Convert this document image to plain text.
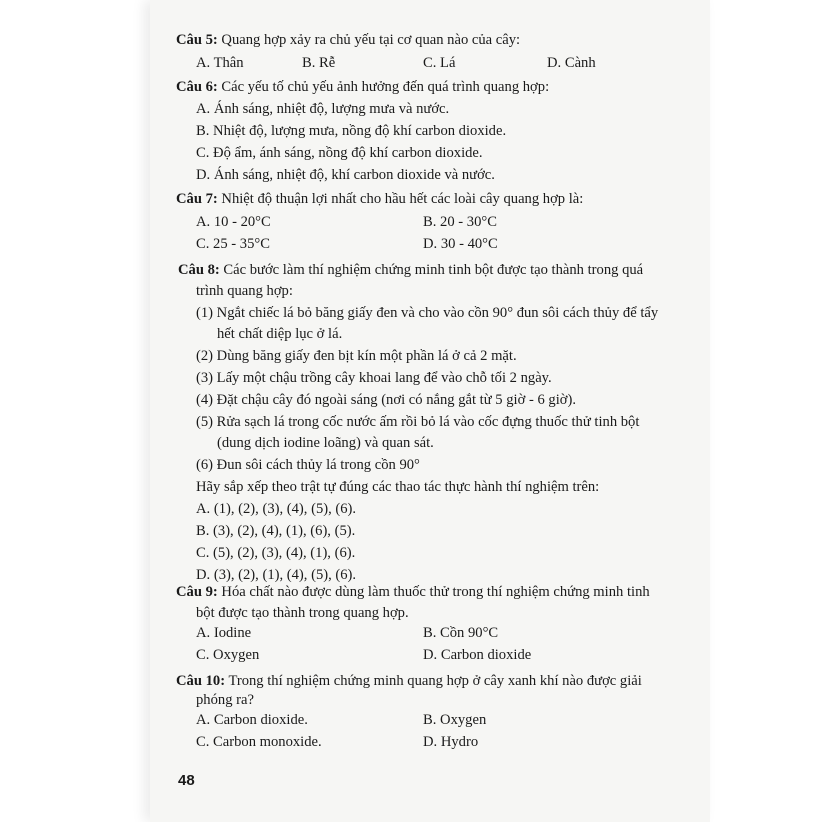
Câu 5: Quang hợp xảy ra chủ yếu tại cơ quan nào của cây:
A. Thân	B. Rễ	C. Lá	D. Cành
Câu 6: Các yếu tố chủ yếu ảnh hưởng đến quá trình quang hợp:
A. Ánh sáng, nhiệt độ, lượng mưa và nước.
B. Nhiệt độ, lượng mưa, nồng độ khí carbon dioxide.
C. Độ ẩm, ánh sáng, nồng độ khí carbon dioxide.
D. Ánh sáng, nhiệt độ, khí carbon dioxide và nước.
Câu 7: Nhiệt độ thuận lợi nhất cho hầu hết các loài cây quang hợp là:
A. 10 - 20°C	B. 20 - 30°C
C. 25 - 35°C	D. 30 - 40°C
Câu 8: Các bước làm thí nghiệm chứng minh tinh bột được tạo thành trong quá
trình quang hợp:
(1) Ngắt chiếc lá bỏ băng giấy đen và cho vào cồn 90° đun sôi cách thủy để tẩy
hết chất diệp lục ở lá.
(2) Dùng băng giấy đen bịt kín một phần lá ở cả 2 mặt.
(3) Lấy một chậu trồng cây khoai lang để vào chỗ tối 2 ngày.
(4) Đặt chậu cây đó ngoài sáng (nơi có nắng gắt từ 5 giờ - 6 giờ).
(5) Rửa sạch lá trong cốc nước ấm rồi bỏ lá vào cốc đựng thuốc thử tinh bột
(dung dịch iodine loãng) và quan sát.
(6) Đun sôi cách thủy lá trong cồn 90°
Hãy sắp xếp theo trật tự đúng các thao tác thực hành thí nghiệm trên:
A. (1), (2), (3), (4), (5), (6).
B. (3), (2), (4), (1), (6), (5).
C. (5), (2), (3), (4), (1), (6).
D. (3), (2), (1), (4), (5), (6).
Câu 9: Hóa chất nào được dùng làm thuốc thử trong thí nghiệm chứng minh tinh
bột được tạo thành trong quang hợp.
A. Iodine	B. Cồn 90°C
C. Oxygen	D. Carbon dioxide
Câu 10: Trong thí nghiệm chứng minh quang hợp ở cây xanh khí nào được giải
phóng ra?
A. Carbon dioxide.	B. Oxygen
C. Carbon monoxide.	D. Hydro
48
